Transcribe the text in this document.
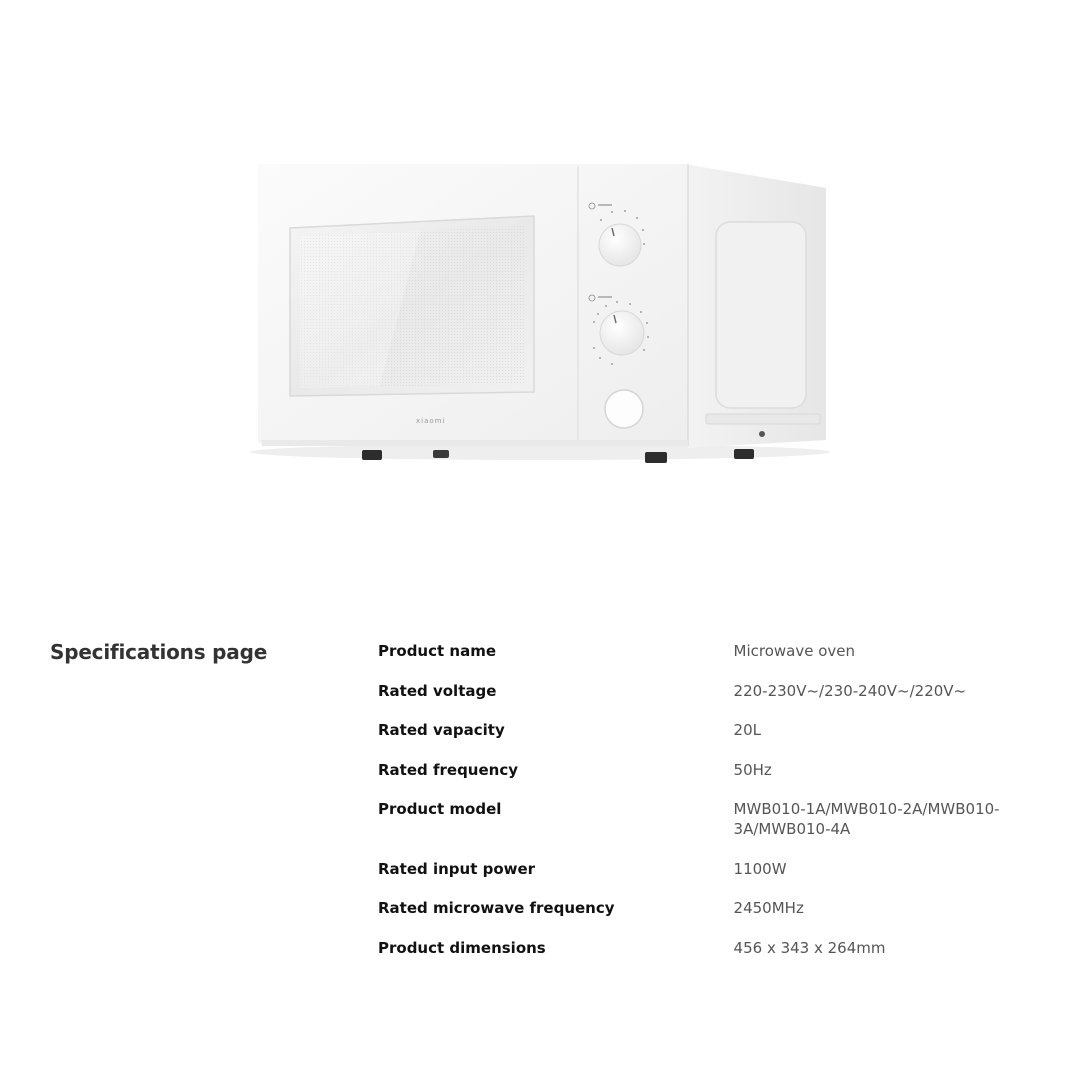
xiaomi
Specifications page	Product name	Microwave oven
Rated voltage	220-230V~/230-240V~/220V~
Rated vapacity	20L
Rated frequency	50Hz
Product model	MWB010-1A/MWB010-2A/MWB010-3A/MWB010-4A
Rated input power	1100W
Rated microwave frequency	2450MHz
Product dimensions	456 x 343 x 264mm
